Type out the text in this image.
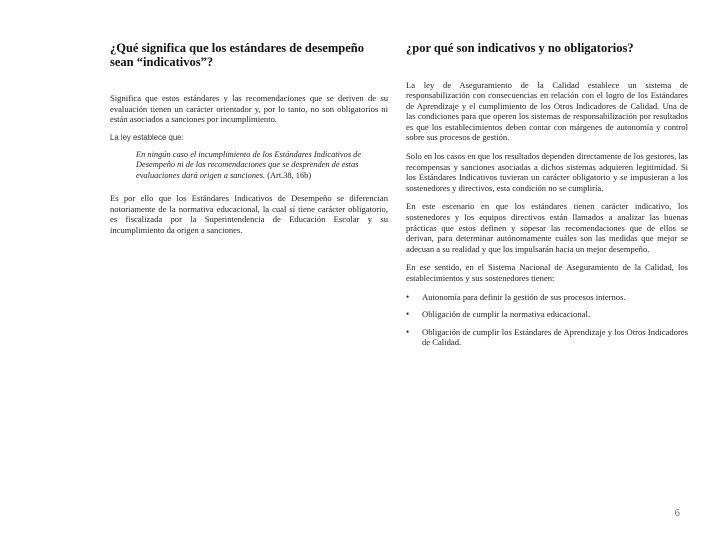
¿Qué significa que los estándares de desempeño sean “indicativos”?

Significa que estos estándares y las recomendaciones que se deriven de su evaluación tienen un carácter orientador y, por lo tanto, no son obligatorios ni están asociados a sanciones por incumplimiento.

La ley establece que:

En ningún caso el incumplimiento de los Estándares Indicativos de Desempeño ni de las recomendaciones que se desprenden de estas evaluaciones dará origen a sanciones. (Art.38, 16b)

Es por ello que los Estándares Indicativos de Desempeño se diferencian notoriamente de la normativa educacional, la cual sí tiene carácter obligatorio, es fiscalizada por la Superintendencia de Educación Escolar y su incumplimiento da origen a sanciones.

¿por qué son indicativos y no obligatorios?

La ley de Aseguramiento de la Calidad establece un sistema de responsabilización con consecuencias en relación con el logro de los Estándares de Aprendizaje y el cumplimiento de los Otros Indicadores de Calidad. Una de las condiciones para que operen los sistemas de responsabilización por resultados es que los establecimientos deben contar con márgenes de autonomía y control sobre sus procesos de gestión.

Solo en los casos en que los resultados dependen directamente de los gestores, las recompensas y sanciones asociadas a dichos sistemas adquieren legitimidad. Si los Estándares Indicativos tuvieran un carácter obligatorio y se impusieran a los sostenedores y directivos, esta condición no se cumpliría.

En este escenario en que los estándares tienen carácter indicativo, los sostenedores y los equipos directivos están llamados a analizar las buenas prácticas que estos definen y sopesar las recomendaciones que de ellos se derivan, para determinar autónomamente cuáles son las medidas que mejor se adecuan a su realidad y que los impulsarán hacia un mejor desempeño.

En ese sentido, en el Sistema Nacional de Aseguramiento de la Calidad, los establecimientos y sus sostenedores tienen:

• Autonomía para definir la gestión de sus procesos internos.
• Obligación de cumplir la normativa educacional.
• Obligación de cumplir los Estándares de Aprendizaje y los Otros Indicadores de Calidad.
6
